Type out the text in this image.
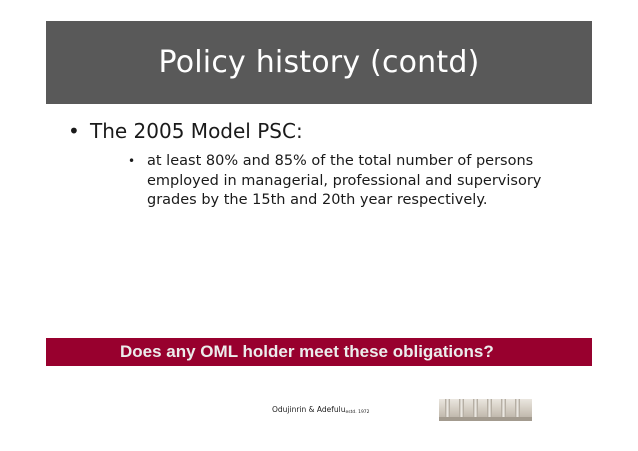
Policy history (contd)
• The 2005 Model PSC:
• at least 80% and 85% of the total number of persons employed in managerial, professional and supervisory grades by the 15th and 20th year respectively.
Does any OML holder meet these obligations?
Odujinrin & Adefulu$_{estd. 1972}$
